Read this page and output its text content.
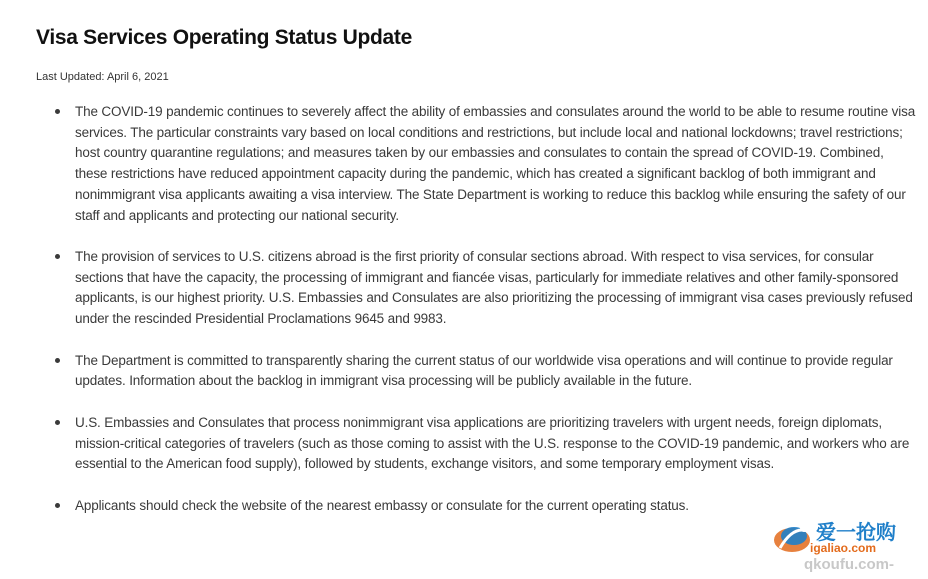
Visa Services Operating Status Update
Last Updated: April 6, 2021
The COVID-19 pandemic continues to severely affect the ability of embassies and consulates around the world to be able to resume routine visa services. The particular constraints vary based on local conditions and restrictions, but include local and national lockdowns; travel restrictions; host country quarantine regulations; and measures taken by our embassies and consulates to contain the spread of COVID-19. Combined, these restrictions have reduced appointment capacity during the pandemic, which has created a significant backlog of both immigrant and nonimmigrant visa applicants awaiting a visa interview. The State Department is working to reduce this backlog while ensuring the safety of our staff and applicants and protecting our national security.
The provision of services to U.S. citizens abroad is the first priority of consular sections abroad. With respect to visa services, for consular sections that have the capacity, the processing of immigrant and fiancée visas, particularly for immediate relatives and other family-sponsored applicants, is our highest priority. U.S. Embassies and Consulates are also prioritizing the processing of immigrant visa cases previously refused under the rescinded Presidential Proclamations 9645 and 9983.
The Department is committed to transparently sharing the current status of our worldwide visa operations and will continue to provide regular updates. Information about the backlog in immigrant visa processing will be publicly available in the future.
U.S. Embassies and Consulates that process nonimmigrant visa applications are prioritizing travelers with urgent needs, foreign diplomats, mission-critical categories of travelers (such as those coming to assist with the U.S. response to the COVID-19 pandemic, and workers who are essential to the American food supply), followed by students, exchange visitors, and some temporary employment visas.
Applicants should check the website of the nearest embassy or consulate for the current operating status.
爱一抢购
igaliao.com
qkoufu.com-
